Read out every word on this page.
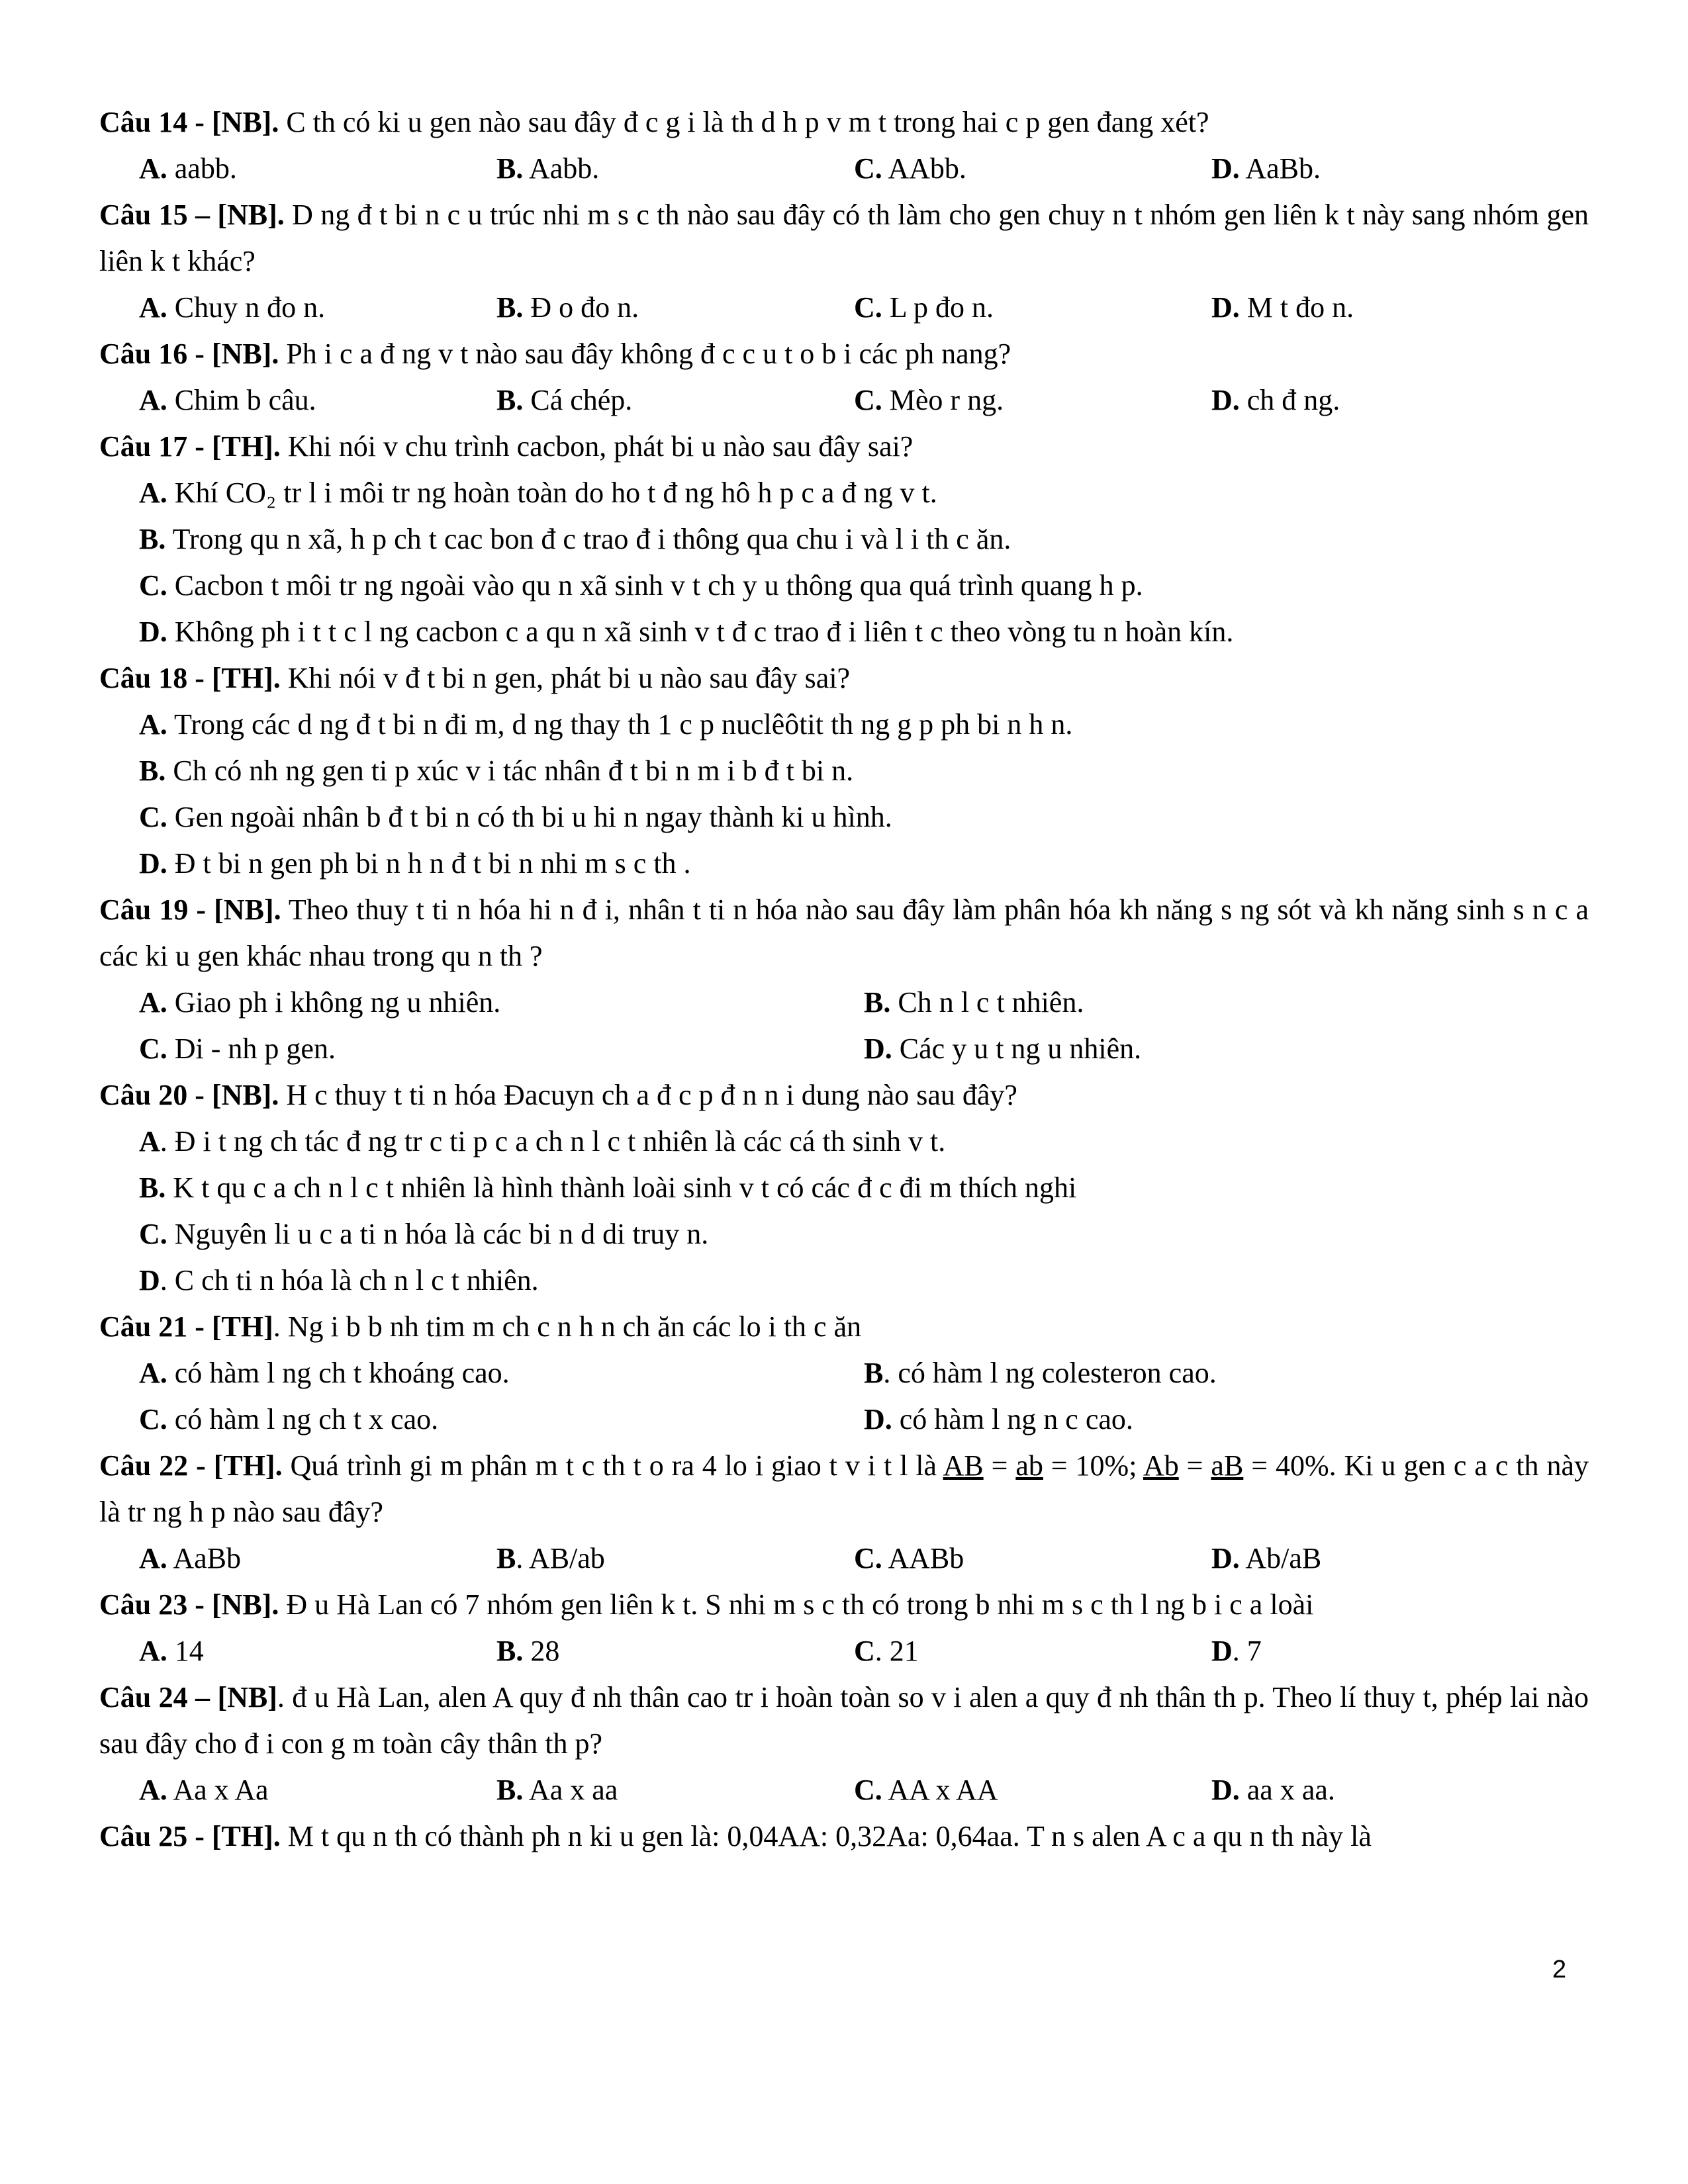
Câu 14 - [NB]. C th có ki u gen nào sau đây đ c g i là th d h p v m t trong hai c p gen đang xét?

A. aabb.	B. Aabb.	C. AAbb.	D. AaBb.

Câu 15 – [NB]. D ng đ t bi n c u trúc nhi m s c th nào sau đây có th làm cho gen chuy n t nhóm gen liên k t này sang nhóm gen liên k t khác?

A. Chuy n đo n.	B. Đ o đo n.	C. L p đo n.	D. M t đo n.

Câu 16 - [NB]. Ph i c a đ ng v t nào sau đây không đ c c u t o b i các ph nang?

A. Chim b câu.	B. Cá chép.	C. Mèo r ng.	D. ch đ ng.

Câu 17 - [TH]. Khi nói v chu trình cacbon, phát bi u nào sau đây sai?

A. Khí CO₂ tr l i môi tr ng hoàn toàn do ho t đ ng hô h p c a đ ng v t.
B. Trong qu n xã, h p ch t cac bon đ c trao đ i thông qua chu i và l i th c ăn.
C. Cacbon t môi tr ng ngoài vào qu n xã sinh v t ch y u thông qua quá trình quang h p.
D. Không ph i t t c l ng cacbon c a qu n xã sinh v t đ c trao đ i liên t c theo vòng tu n hoàn kín.

Câu 18 - [TH]. Khi nói v đ t bi n gen, phát bi u nào sau đây sai?

A. Trong các d ng đ t bi n đi m, d ng thay th 1 c p nuclêôtit th ng g p ph bi n h n.
B. Ch có nh ng gen ti p xúc v i tác nhân đ t bi n m i b đ t bi n.
C. Gen ngoài nhân b đ t bi n có th bi u hi n ngay thành ki u hình.
D. Đ t bi n gen ph bi n h n đ t bi n nhi m s c th .

Câu 19 - [NB]. Theo thuy t ti n hóa hi n đ i, nhân t ti n hóa nào sau đây làm phân hóa kh năng s ng sót và kh năng sinh s n c a các ki u gen khác nhau trong qu n th ?

A. Giao ph i không ng u nhiên.	B. Ch n l c t nhiên.
C. Di - nh p gen.	D. Các y u t ng u nhiên.

Câu 20 - [NB]. H c thuy t ti n hóa Đacuyn ch a đ c p đ n n i dung nào sau đây?

A. Đ i t ng ch tác đ ng tr c ti p c a ch n l c t nhiên là các cá th sinh v t.
B. K t qu c a ch n l c t nhiên là hình thành loài sinh v t có các đ c đi m thích nghi
C. Nguyên li u c a ti n hóa là các bi n d di truy n.
D. C ch ti n hóa là ch n l c t nhiên.

Câu 21 - [TH]. Ng i b b nh tim m ch c n h n ch ăn các lo i th c ăn

A. có hàm l ng ch t khoáng cao.	B. có hàm l ng colesteron cao.
C. có hàm l ng ch t x cao.	D. có hàm l ng n c cao.

Câu 22 - [TH]. Quá trình gi m phân m t c th t o ra 4 lo i giao t v i t l là AB = ab = 10%; Ab = aB = 40%. Ki u gen c a c th này là tr ng h p nào sau đây?

A. AaBb	B. AB/ab	C. AABb	D. Ab/aB

Câu 23 - [NB]. Đ u Hà Lan có 7 nhóm gen liên k t. S nhi m s c th có trong b nhi m s c th l ng b i c a loài

A. 14	B. 28	C. 21	D. 7

Câu 24 – [NB]. đ u Hà Lan, alen A quy đ nh thân cao tr i hoàn toàn so v i alen a quy đ nh thân th p. Theo lí thuy t, phép lai nào sau đây cho đ i con g m toàn cây thân th p?

A. Aa x Aa	B. Aa x aa	C. AA x AA	D. aa x aa.

Câu 25 - [TH]. M t qu n th có thành ph n ki u gen là: 0,04AA: 0,32Aa: 0,64aa. T n s alen A c a qu n th này là

2
